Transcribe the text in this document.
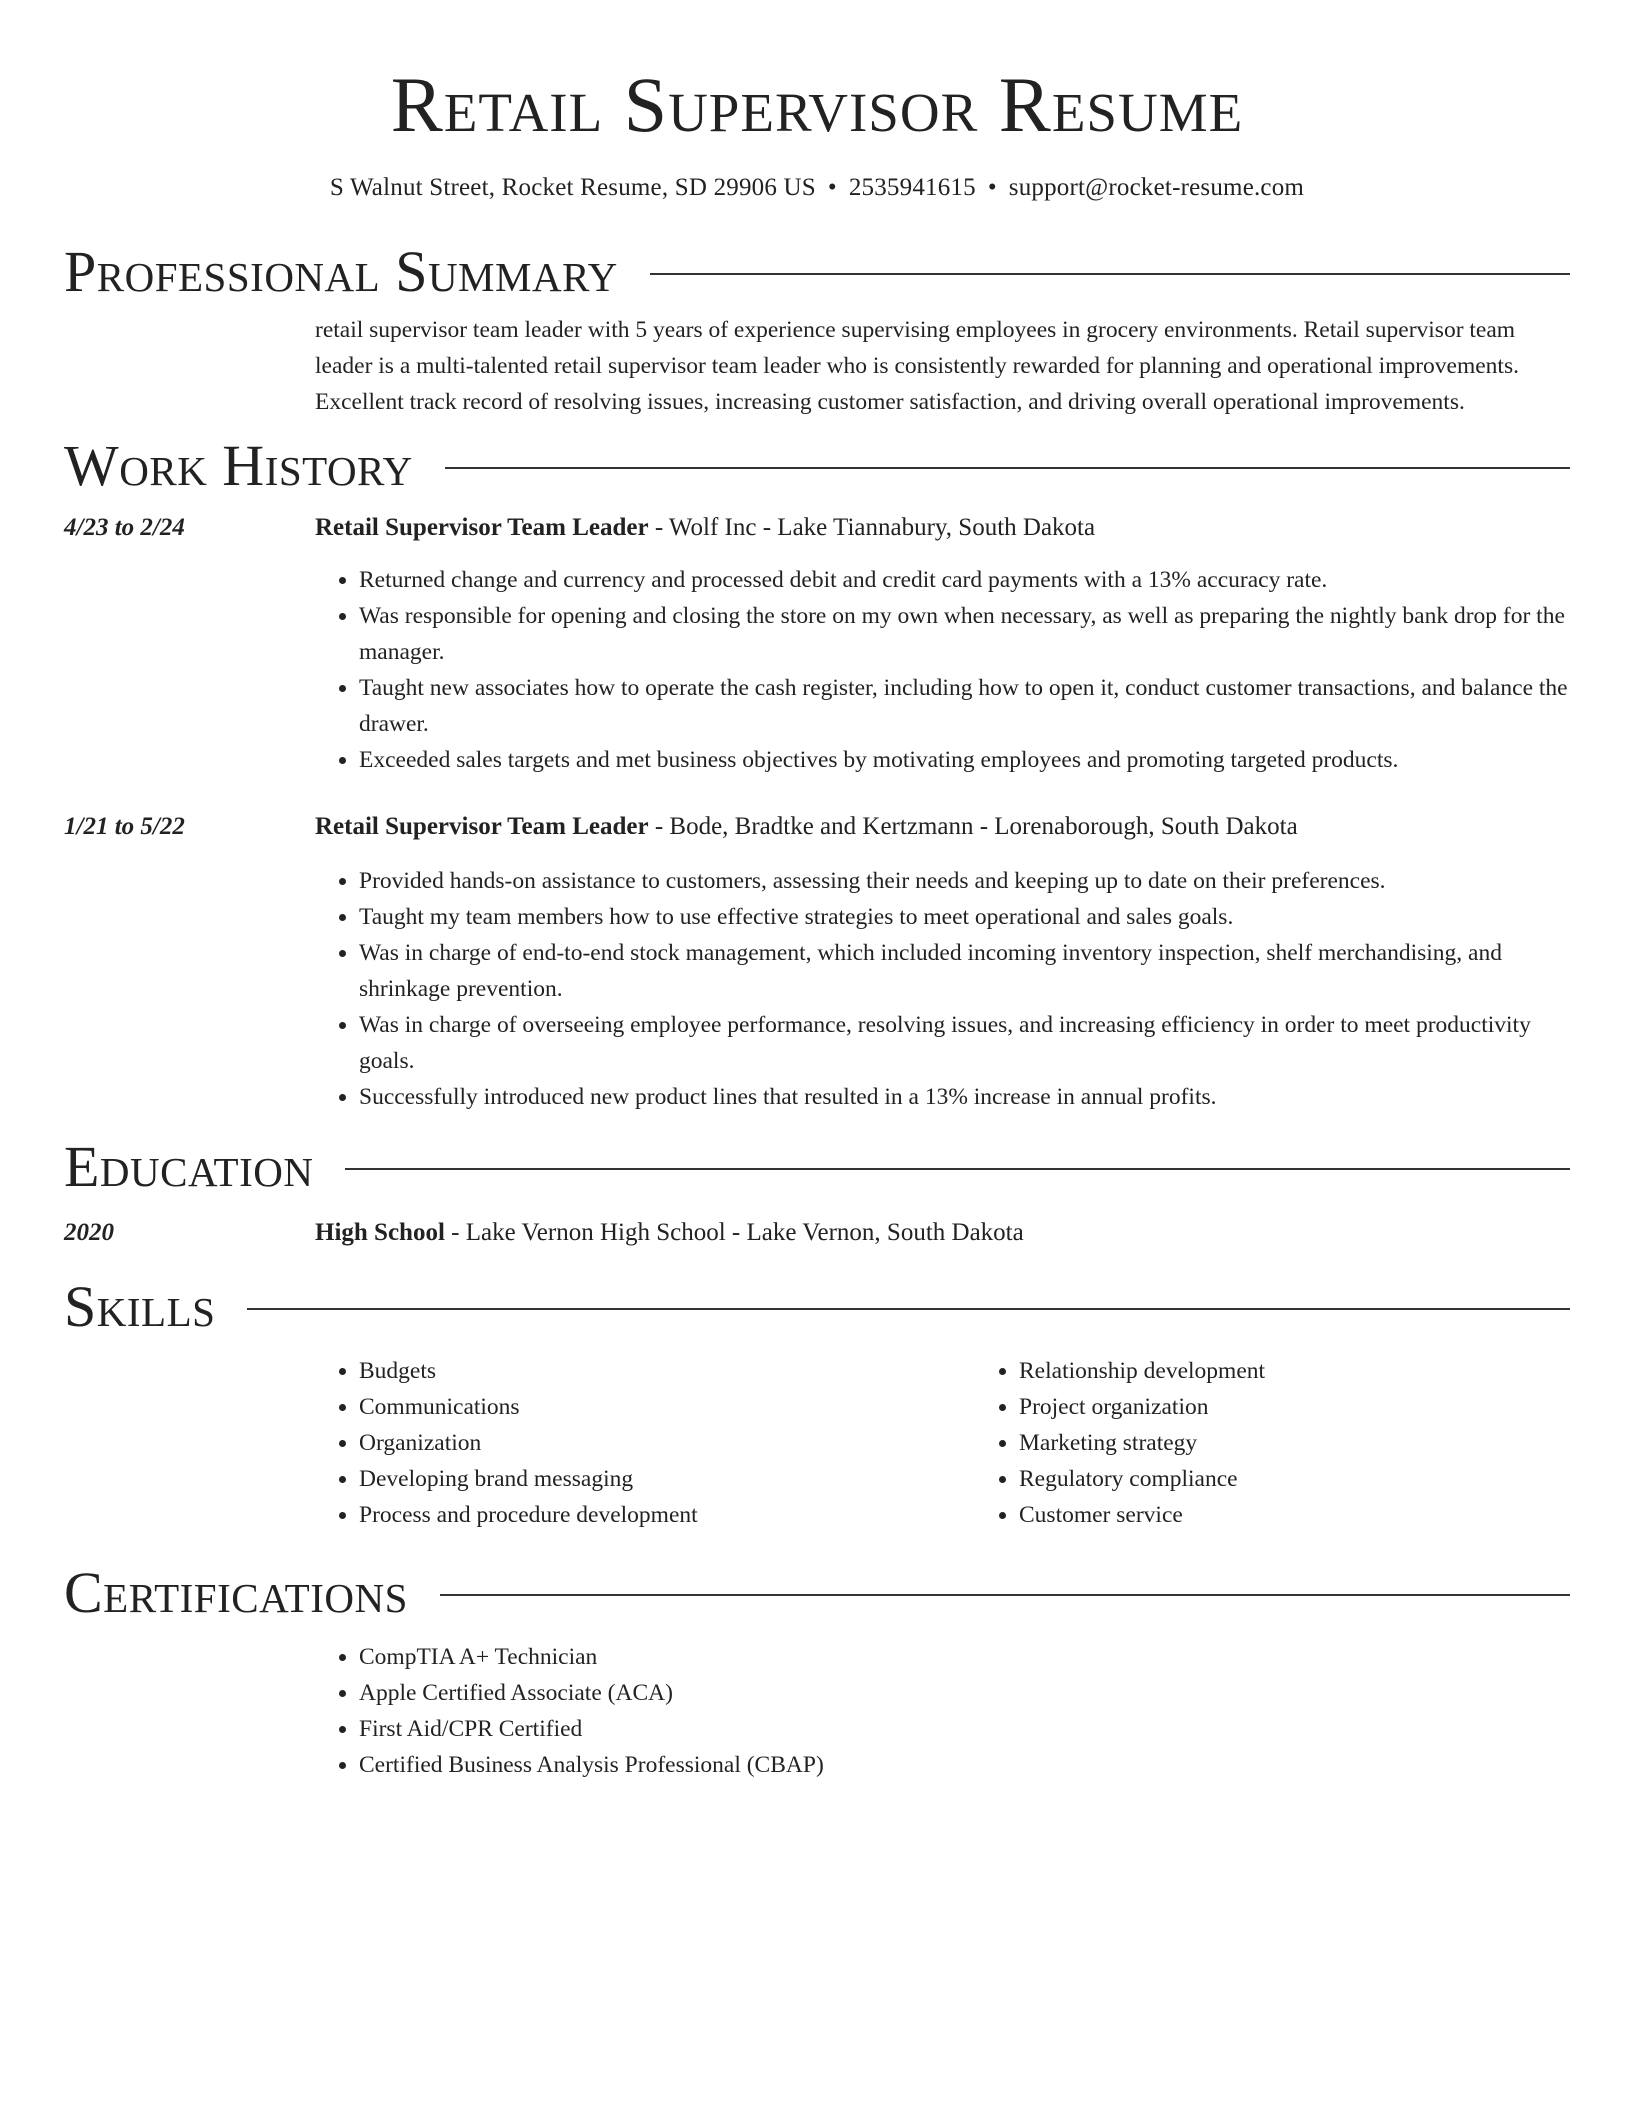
Retail Supervisor Resume
S Walnut Street, Rocket Resume, SD 29906 US • 2535941615 • support@rocket-resume.com
Professional Summary
retail supervisor team leader with 5 years of experience supervising employees in grocery environments. Retail supervisor team leader is a multi-talented retail supervisor team leader who is consistently rewarded for planning and operational improvements. Excellent track record of resolving issues, increasing customer satisfaction, and driving overall operational improvements.
Work History
4/23 to 2/24	Retail Supervisor Team Leader - Wolf Inc - Lake Tiannabury, South Dakota
• Returned change and currency and processed debit and credit card payments with a 13% accuracy rate.
• Was responsible for opening and closing the store on my own when necessary, as well as preparing the nightly bank drop for the manager.
• Taught new associates how to operate the cash register, including how to open it, conduct customer transactions, and balance the drawer.
• Exceeded sales targets and met business objectives by motivating employees and promoting targeted products.
1/21 to 5/22	Retail Supervisor Team Leader - Bode, Bradtke and Kertzmann - Lorenaborough, South Dakota
• Provided hands-on assistance to customers, assessing their needs and keeping up to date on their preferences.
• Taught my team members how to use effective strategies to meet operational and sales goals.
• Was in charge of end-to-end stock management, which included incoming inventory inspection, shelf merchandising, and shrinkage prevention.
• Was in charge of overseeing employee performance, resolving issues, and increasing efficiency in order to meet productivity goals.
• Successfully introduced new product lines that resulted in a 13% increase in annual profits.
Education
2020	High School - Lake Vernon High School - Lake Vernon, South Dakota
Skills
• Budgets
• Communications
• Organization
• Developing brand messaging
• Process and procedure development
• Relationship development
• Project organization
• Marketing strategy
• Regulatory compliance
• Customer service
Certifications
• CompTIA A+ Technician
• Apple Certified Associate (ACA)
• First Aid/CPR Certified
• Certified Business Analysis Professional (CBAP)
